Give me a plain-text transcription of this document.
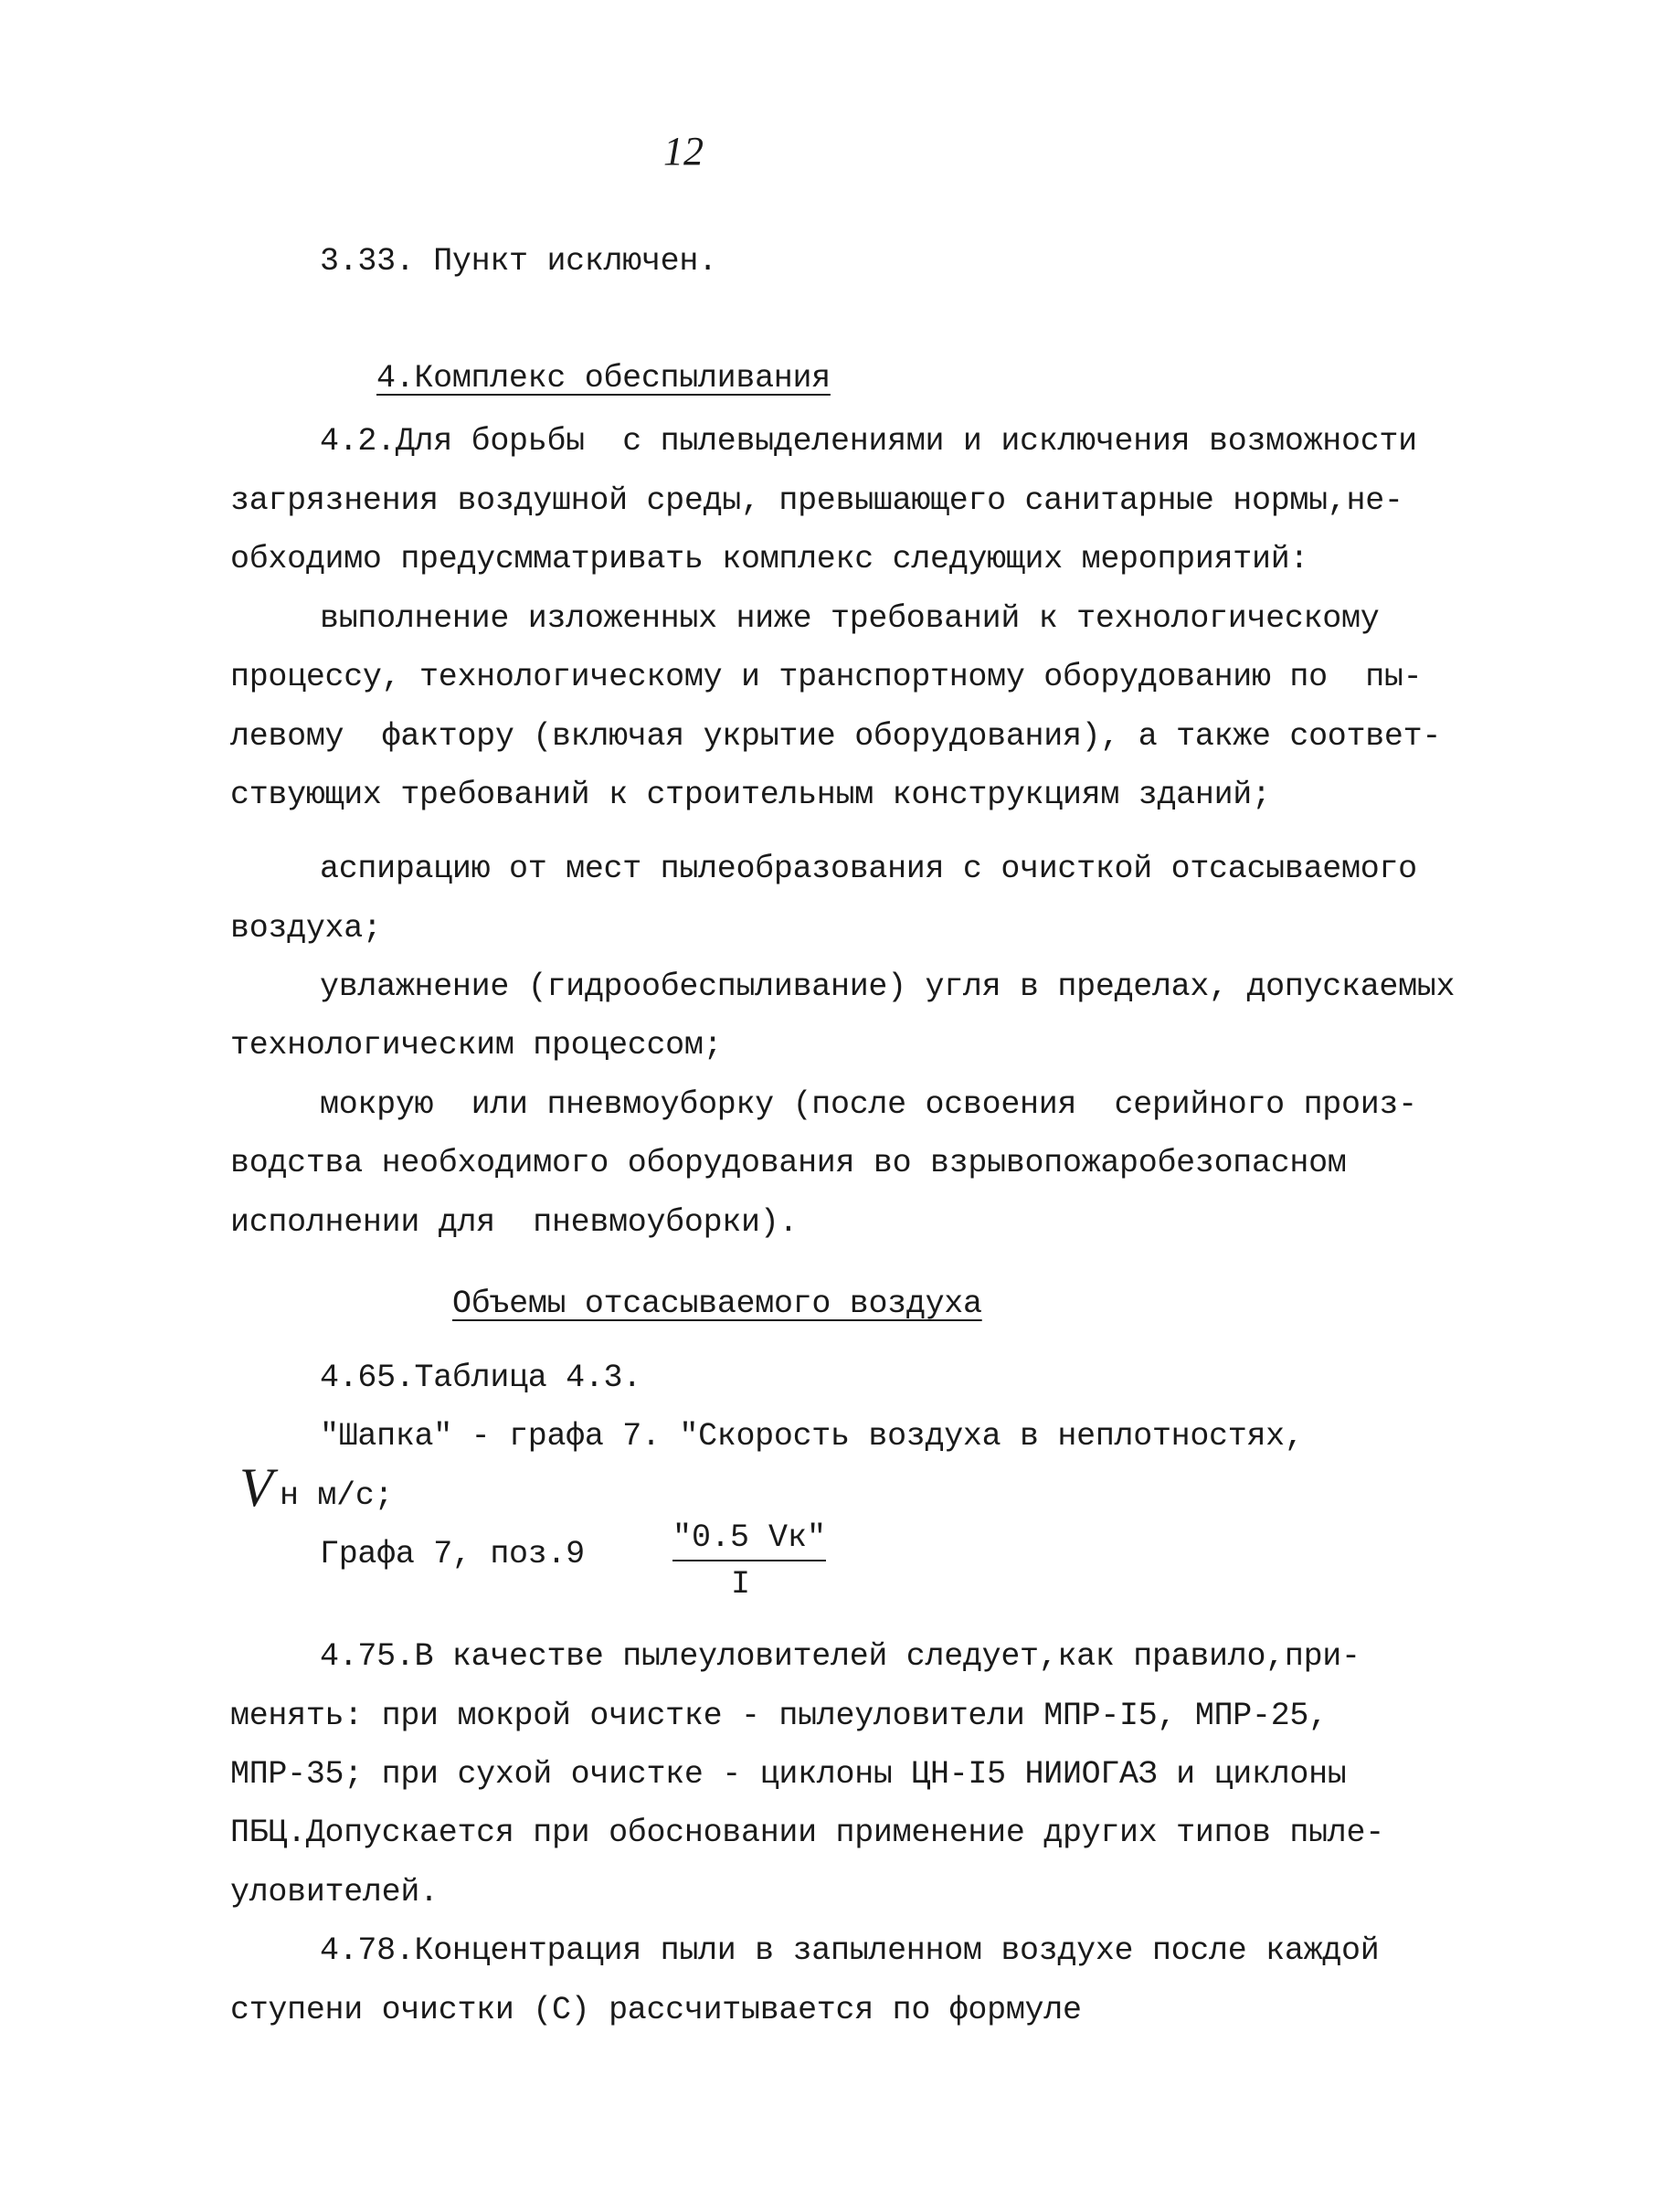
12
3.33. Пункт исключен.
4.Комплекс обеспыливания
4.2.Для борьбы  с пылевыделениями и исключения возможности
загрязнения воздушной среды, превышающего санитарные нормы,не-
обходимо предусмматривать комплекс следующих мероприятий:
выполнение изложенных ниже требований к технологическому
процессу, технологическому и транспортному оборудованию по  пы-
левому  фактору (включая укрытие оборудования), а также соответ-
ствующих требований к строительным конструкциям зданий;
аспирацию от мест пылеобразования с очисткой отсасываемого
воздуха;
увлажнение (гидрообеспыливание) угля в пределах, допускаемых
технологическим процессом;
мокрую  или пневмоуборку (после освоения  серийного произ-
водства необходимого оборудования во взрывопожаробезопасном
исполнении для  пневмоуборки).
Объемы отсасываемого воздуха
4.65.Таблица 4.3.
"Шапка" - графа 7. "Скорость воздуха в неплотностях,
V н м/с;
Графа 7, поз.9	"0.5 Vк"
I
4.75.В качестве пылеуловителей следует,как правило,при-
менять: при мокрой очистке - пылеуловители МПР-I5, МПР-25,
МПР-35; при сухой очистке - циклоны ЦН-I5 НИИОГАЗ и циклоны
ПБЦ.Допускается при обосновании применение других типов пыле-
уловителей.
4.78.Концентрация пыли в запыленном воздухе после каждой
ступени очистки (С) рассчитывается по формуле
